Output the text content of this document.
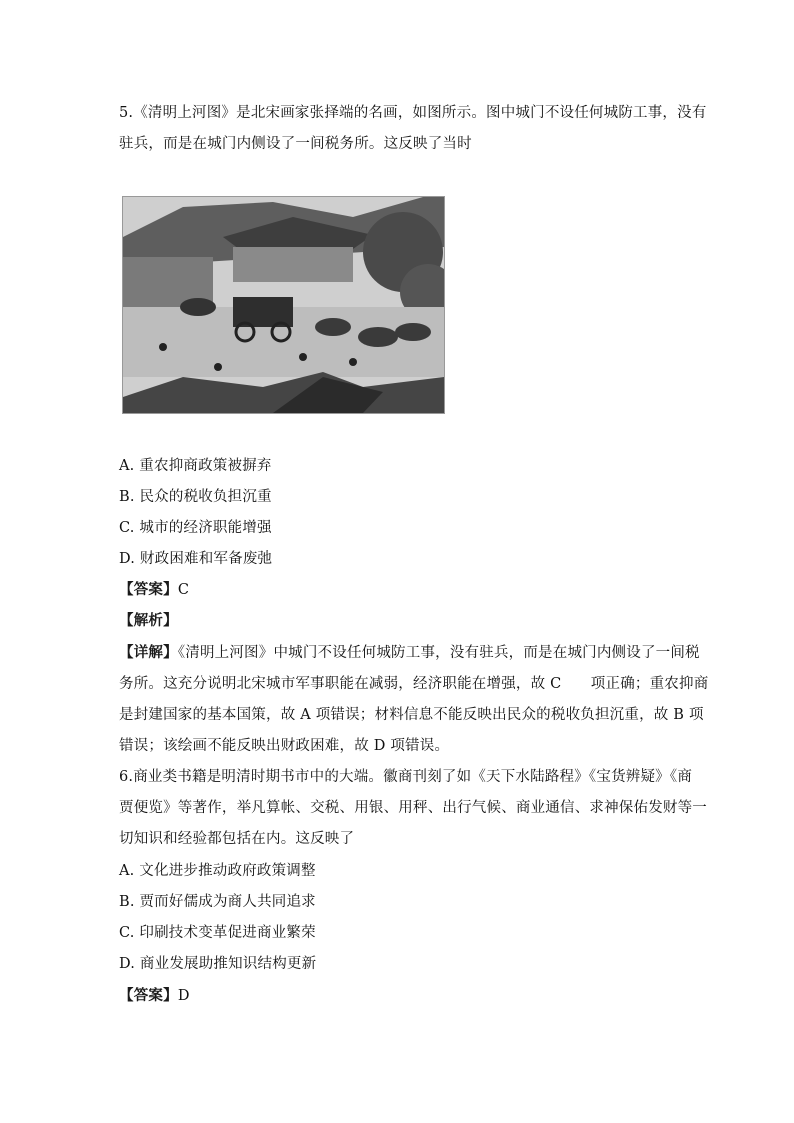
5.《清明上河图》是北宋画家张择端的名画，如图所示。图中城门不设任何城防工事，没有
驻兵，而是在城门内侧设了一间税务所。这反映了当时
A. 重农抑商政策被摒弃
B. 民众的税收负担沉重
C. 城市的经济职能增强
D. 财政困难和军备废弛
【答案】C
【解析】
【详解】《清明上河图》中城门不设任何城防工事，没有驻兵，而是在城门内侧设了一间税
务所。这充分说明北宋城市军事职能在减弱，经济职能在增强，故 C　　项正确；重农抑商
是封建国家的基本国策，故 A 项错误；材料信息不能反映出民众的税收负担沉重，故 B 项
错误；该绘画不能反映出财政困难，故 D 项错误。
6.商业类书籍是明清时期书市中的大端。徽商刊刻了如《天下水陆路程》《宝货辨疑》《商
贾便览》等著作，举凡算帐、交税、用银、用秤、出行气候、商业通信、求神保佑发财等一
切知识和经验都包括在内。这反映了
A. 文化进步推动政府政策调整
B. 贾而好儒成为商人共同追求
C. 印刷技术变革促进商业繁荣
D. 商业发展助推知识结构更新
【答案】D
